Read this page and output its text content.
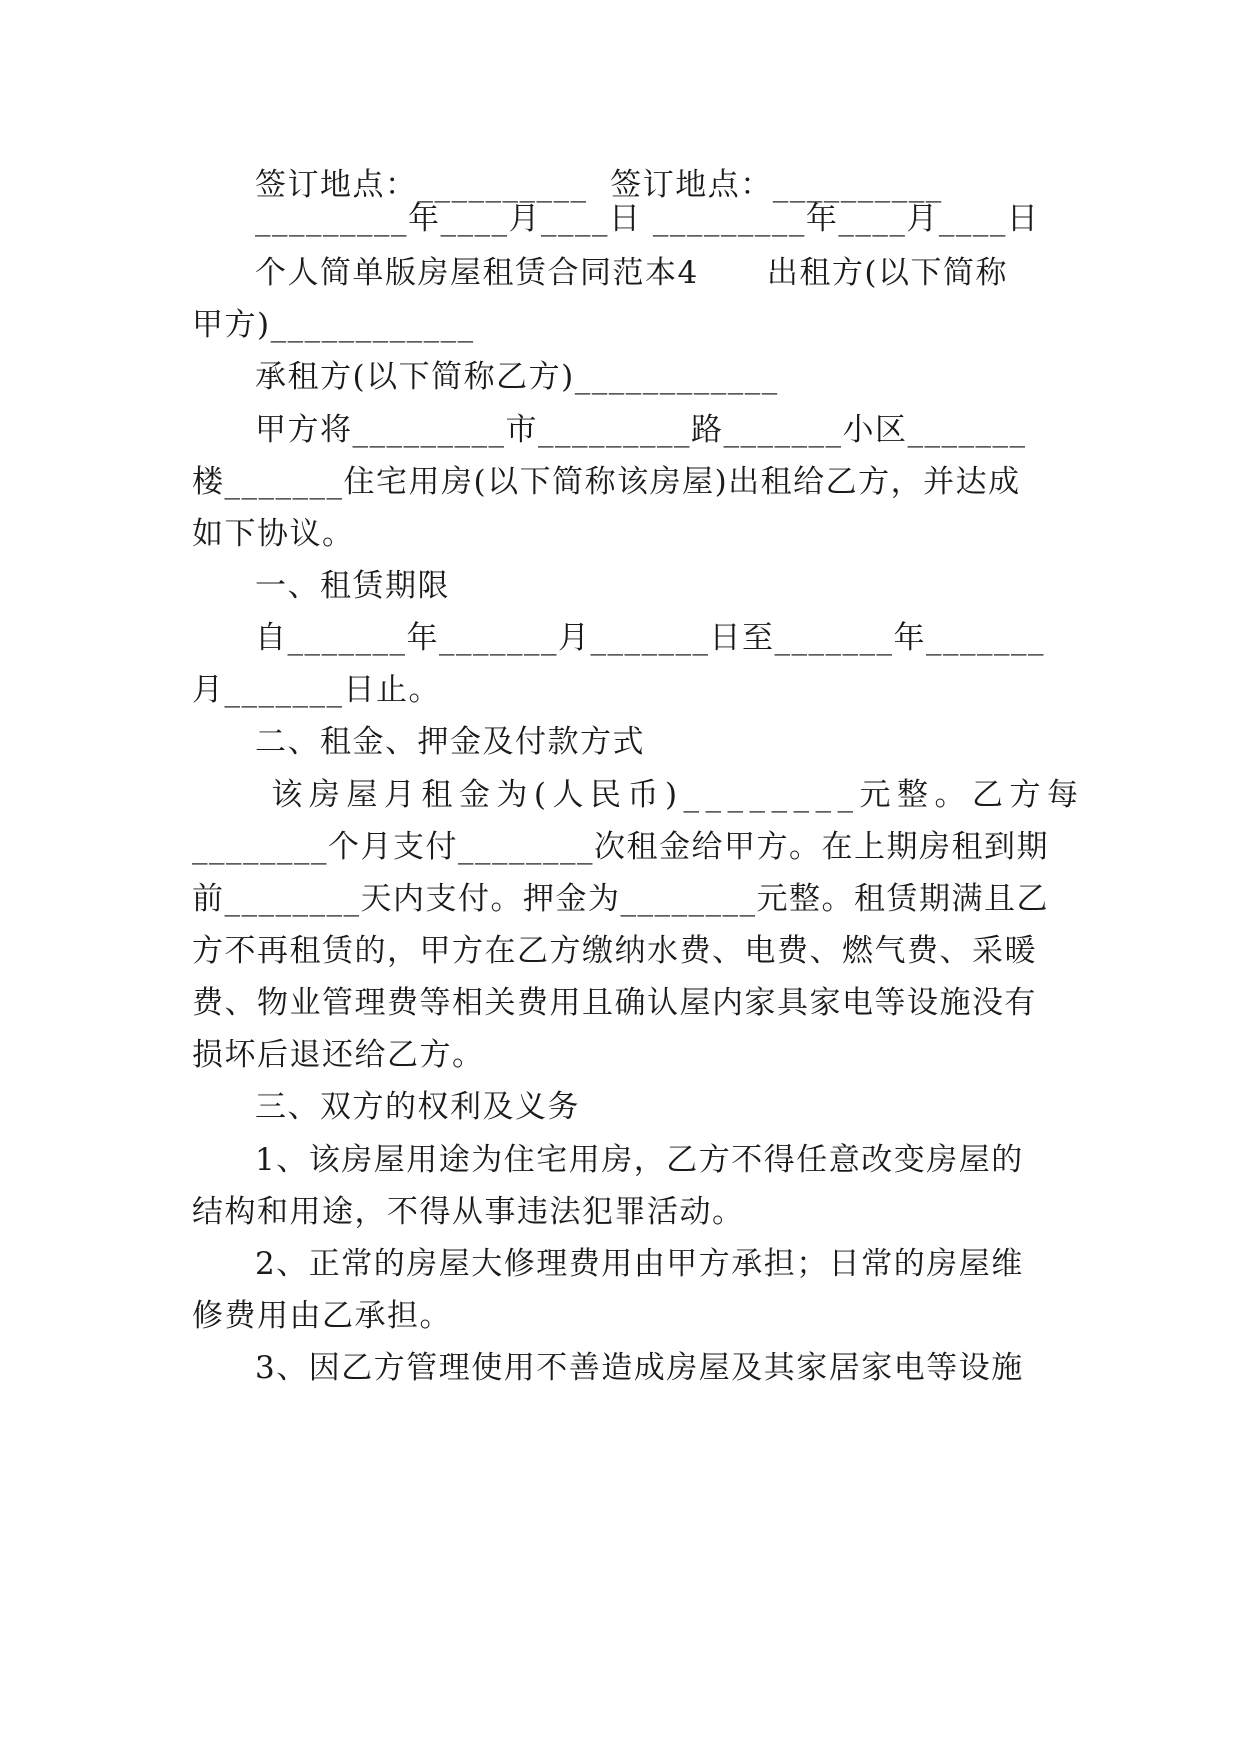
签订地点：__________  签订地点：__________
_________年____月____日 _________年____月____日
个人简单版房屋租赁合同范本4      出租方(以下简称
甲方)____________
承租方(以下简称乙方)____________
甲方将_________市_________路_______小区_______
楼_______住宅用房(以下简称该房屋)出租给乙方，并达成
如下协议。
一、租赁期限
自_______年_______月_______日至_______年_______
月_______日止。
二、租金、押金及付款方式
该房屋月租金为(人民币)________元整。乙方每
________个月支付________次租金给甲方。在上期房租到期
前________天内支付。押金为________元整。租赁期满且乙
方不再租赁的，甲方在乙方缴纳水费、电费、燃气费、采暖
费、物业管理费等相关费用且确认屋内家具家电等设施没有
损坏后退还给乙方。
三、双方的权利及义务
1、该房屋用途为住宅用房，乙方不得任意改变房屋的
结构和用途，不得从事违法犯罪活动。
2、正常的房屋大修理费用由甲方承担；日常的房屋维
修费用由乙承担。
3、因乙方管理使用不善造成房屋及其家居家电等设施
